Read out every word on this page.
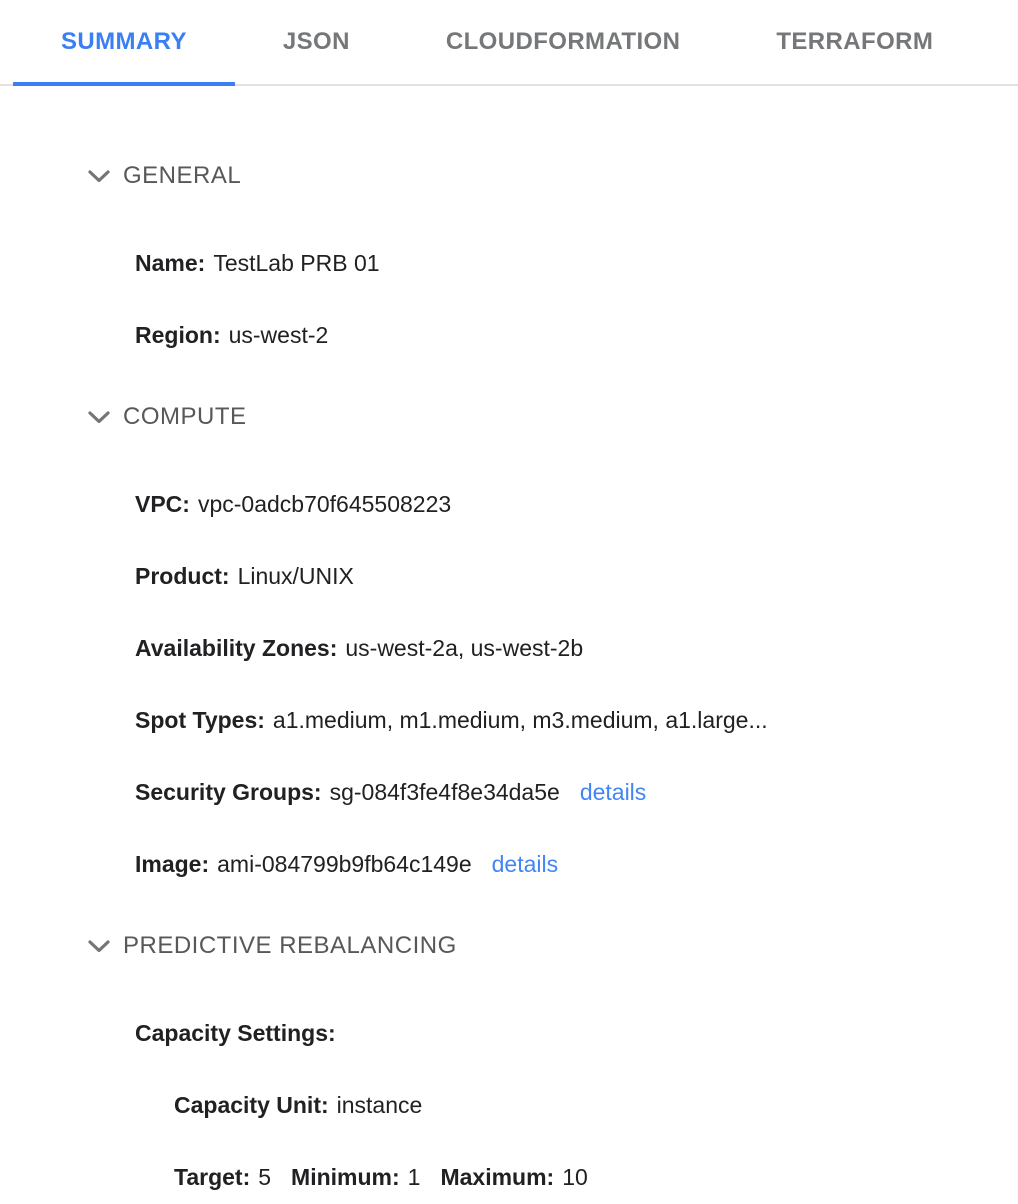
SUMMARY	JSON	CLOUDFORMATION	TERRAFORM
GENERAL
Name: TestLab PRB 01
Region: us-west-2
COMPUTE
VPC: vpc-0adcb70f645508223
Product: Linux/UNIX
Availability Zones: us-west-2a, us-west-2b
Spot Types: a1.medium, m1.medium, m3.medium, a1.large...
Security Groups: sg-084f3fe4f8e34da5e details
Image: ami-084799b9fb64c149e details
PREDICTIVE REBALANCING
Capacity Settings:
Capacity Unit: instance
Target: 5 Minimum: 1 Maximum: 10
